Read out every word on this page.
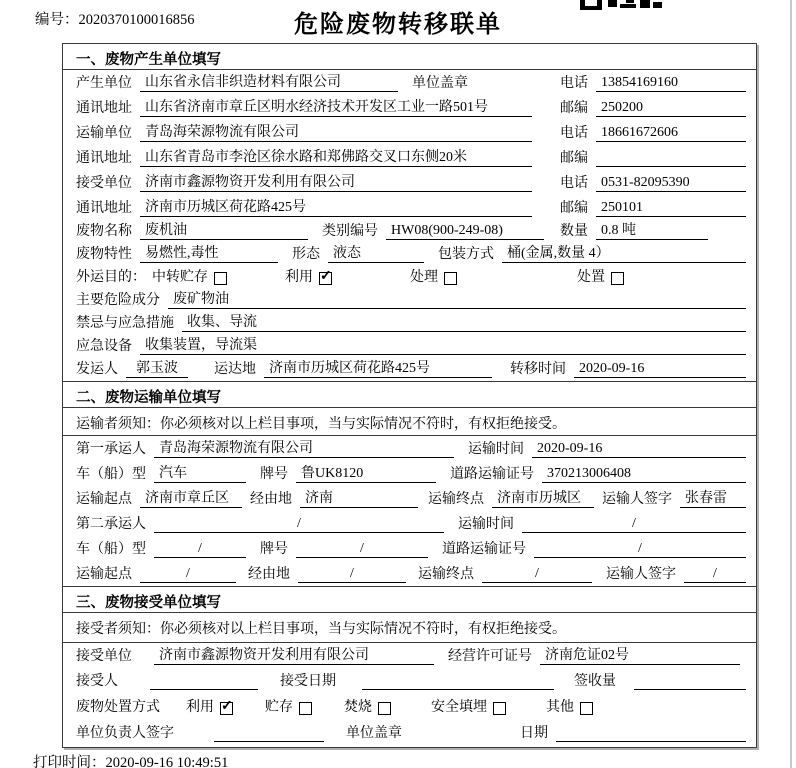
编号：2020370100016856	危险废物转移联单
一、废物产生单位填写
产生单位 山东省永信非织造材料有限公司	单位盖章	电话 13854169160
通讯地址 山东省济南市章丘区明水经济技术开发区工业一路501号	邮编 250200
运输单位 青岛海荣源物流有限公司	电话 18661672606
通讯地址 山东省青岛市李沧区徐水路和郑佛路交叉口东侧20米	邮编
接受单位 济南市鑫源物资开发利用有限公司	电话 0531-82095390
通讯地址 济南市历城区荷花路425号	邮编 250101
废物名称 废机油	类别编号 HW08(900-249-08)	数量 0.8 吨
废物特性 易燃性,毒性	形态 液态	包装方式 桶(金属,数量 4）
外运目的： 中转贮存	利用 ✓	处理	处置
主要危险成分 废矿物油
禁忌与应急措施 收集、导流
应急设备 收集装置，导流渠
发运人	郭玉波	运达地 济南市历城区荷花路425号	转移时间 2020-09-16
二、废物运输单位填写
运输者须知：你必须核对以上栏目事项，当与实际情况不符时，有权拒绝接受。
第一承运人 青岛海荣源物流有限公司	运输时间 2020-09-16
车（船）型 汽车	牌号 鲁UK8120	道路运输证号 370213006408
运输起点 济南市章丘区	经由地 济南	运输终点 济南市历城区	运输人签字 张春雷
第二承运人	/	运输时间	/
车（船）型	/	牌号	/	道路运输证号	/
运输起点	/	经由地	/	运输终点	/	运输人签字	/
三、废物接受单位填写
接受者须知：你必须核对以上栏目事项，当与实际情况不符时，有权拒绝接受。
接受单位	济南市鑫源物资开发利用有限公司	经营许可证号 济南危证02号
接受人	接受日期	签收量
废物处置方式 利用 ✓	贮存	焚烧	安全填埋	其他
单位负责人签字	单位盖章	日期
打印时间：2020-09-16 10:49:51
